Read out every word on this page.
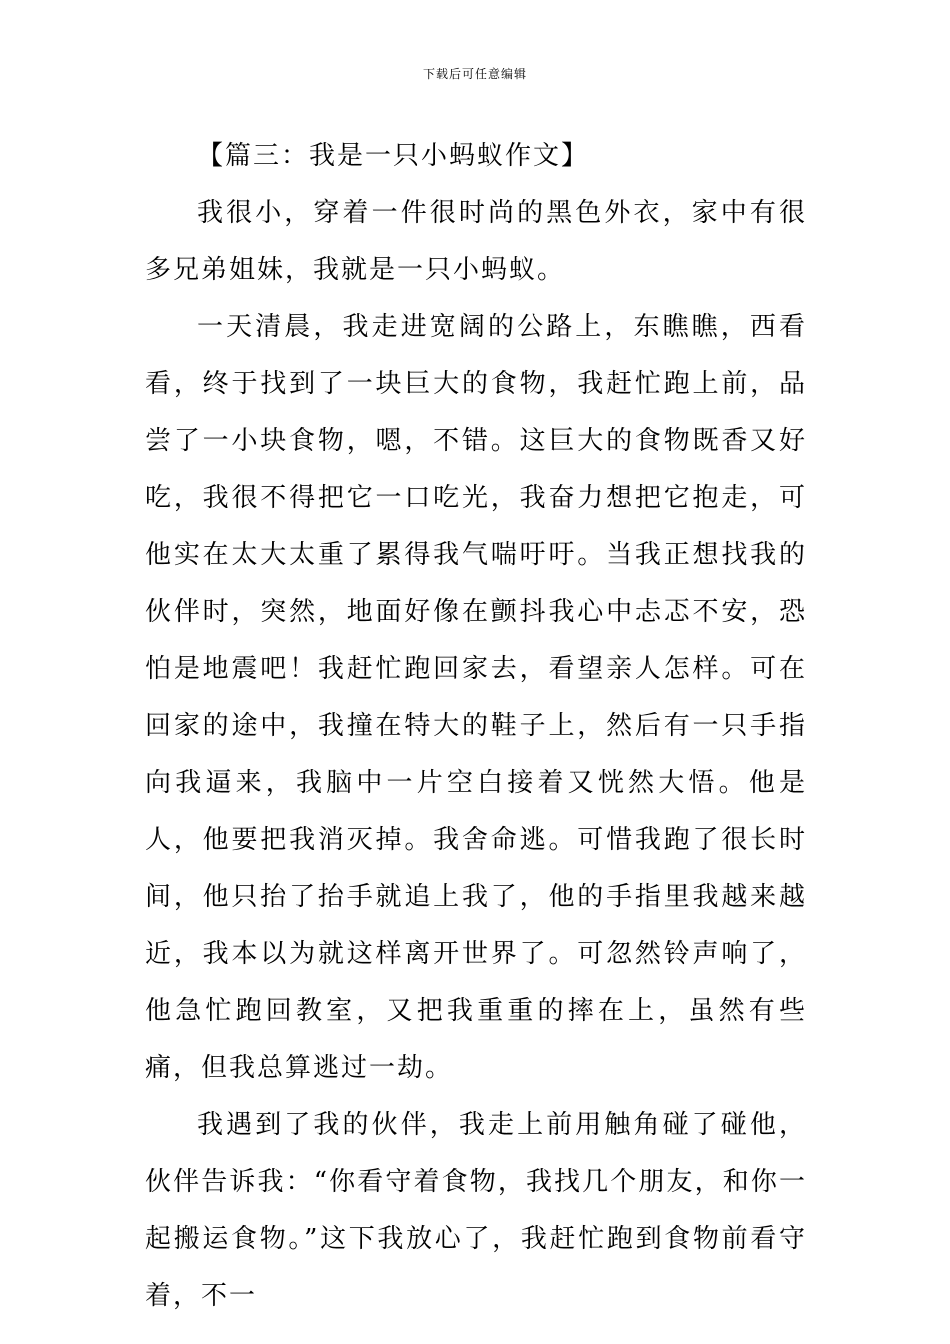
下载后可任意编辑

【篇三：我是一只小蚂蚁作文】

我很小，穿着一件很时尚的黑色外衣，家中有很多兄弟姐妹，我就是一只小蚂蚁。

一天清晨，我走进宽阔的公路上，东瞧瞧，西看看，终于找到了一块巨大的食物，我赶忙跑上前，品尝了一小块食物，嗯，不错。这巨大的食物既香又好吃，我很不得把它一口吃光，我奋力想把它抱走，可他实在太大太重了累得我气喘吁吁。当我正想找我的伙伴时，突然，地面好像在颤抖我心中忐忑不安，恐怕是地震吧！我赶忙跑回家去，看望亲人怎样。可在回家的途中，我撞在特大的鞋子上，然后有一只手指向我逼来，我脑中一片空白接着又恍然大悟。他是人，他要把我消灭掉。我舍命逃。可惜我跑了很长时间，他只抬了抬手就追上我了，他的手指里我越来越近，我本以为就这样离开世界了。可忽然铃声响了，他急忙跑回教室，又把我重重的摔在上，虽然有些痛，但我总算逃过一劫。

我遇到了我的伙伴，我走上前用触角碰了碰他，伙伴告诉我：“你看守着食物，我找几个朋友，和你一起搬运食物。”这下我放心了，我赶忙跑到食物前看守着，不一
